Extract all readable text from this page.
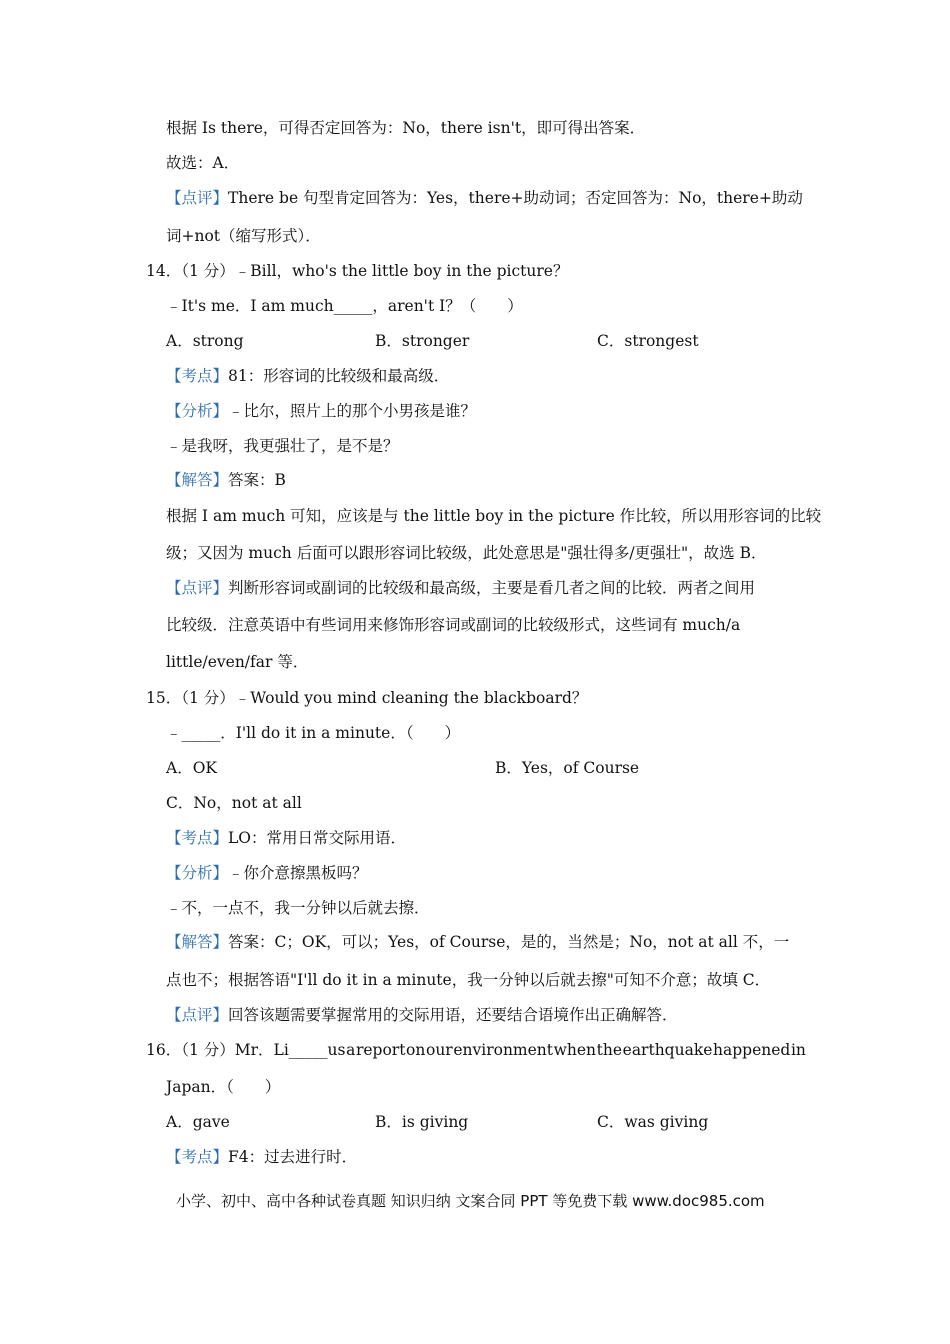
根据 Is there，可得否定回答为：No，there isn't，即可得出答案．
故选：A．
【点评】There be 句型肯定回答为：Yes，there+助动词；否定回答为：No，there+助动
词+not（缩写形式）．
14．（1 分）﹣Bill，who's the little boy in the picture？
﹣It's me．I am much_____，aren't I？（　　）
A．strong	B．stronger	C．strongest
【考点】81：形容词的比较级和最高级．
【分析】﹣比尔，照片上的那个小男孩是谁？
﹣是我呀，我更强壮了，是不是？
【解答】答案：B
根据 I am much 可知，应该是与 the little boy in the picture 作比较，所以用形容词的比较
级；又因为 much 后面可以跟形容词比较级，此处意思是"强壮得多/更强壮"，故选 B．
【点评】判断形容词或副词的比较级和最高级，主要是看几者之间的比较．两者之间用
比较级．注意英语中有些词用来修饰形容词或副词的比较级形式，这些词有 much/a
little/even/far 等．
15．（1 分）﹣Would you mind cleaning the blackboard？
﹣_____．I'll do it in a minute．（　　）
A．OK	B．Yes，of Course
C．No，not at all
【考点】LO：常用日常交际用语．
【分析】﹣你介意擦黑板吗？
﹣不，一点不，我一分钟以后就去擦．
【解答】答案：C；OK，可以；Yes，of Course，是的，当然是；No，not at all 不，一
点也不；根据答语"I'll do it in a minute，我一分钟以后就去擦"可知不介意；故填 C．
【点评】回答该题需要掌握常用的交际用语，还要结合语境作出正确解答．
16．（1 分）Mr．Li_____us a report on our environment when the earthquake happened in
Japan．（　　）
A．gave	B．is giving	C．was giving
【考点】F4：过去进行时．
小学、初中、高中各种试卷真题 知识归纳 文案合同 PPT 等免费下载 www.doc985.com
